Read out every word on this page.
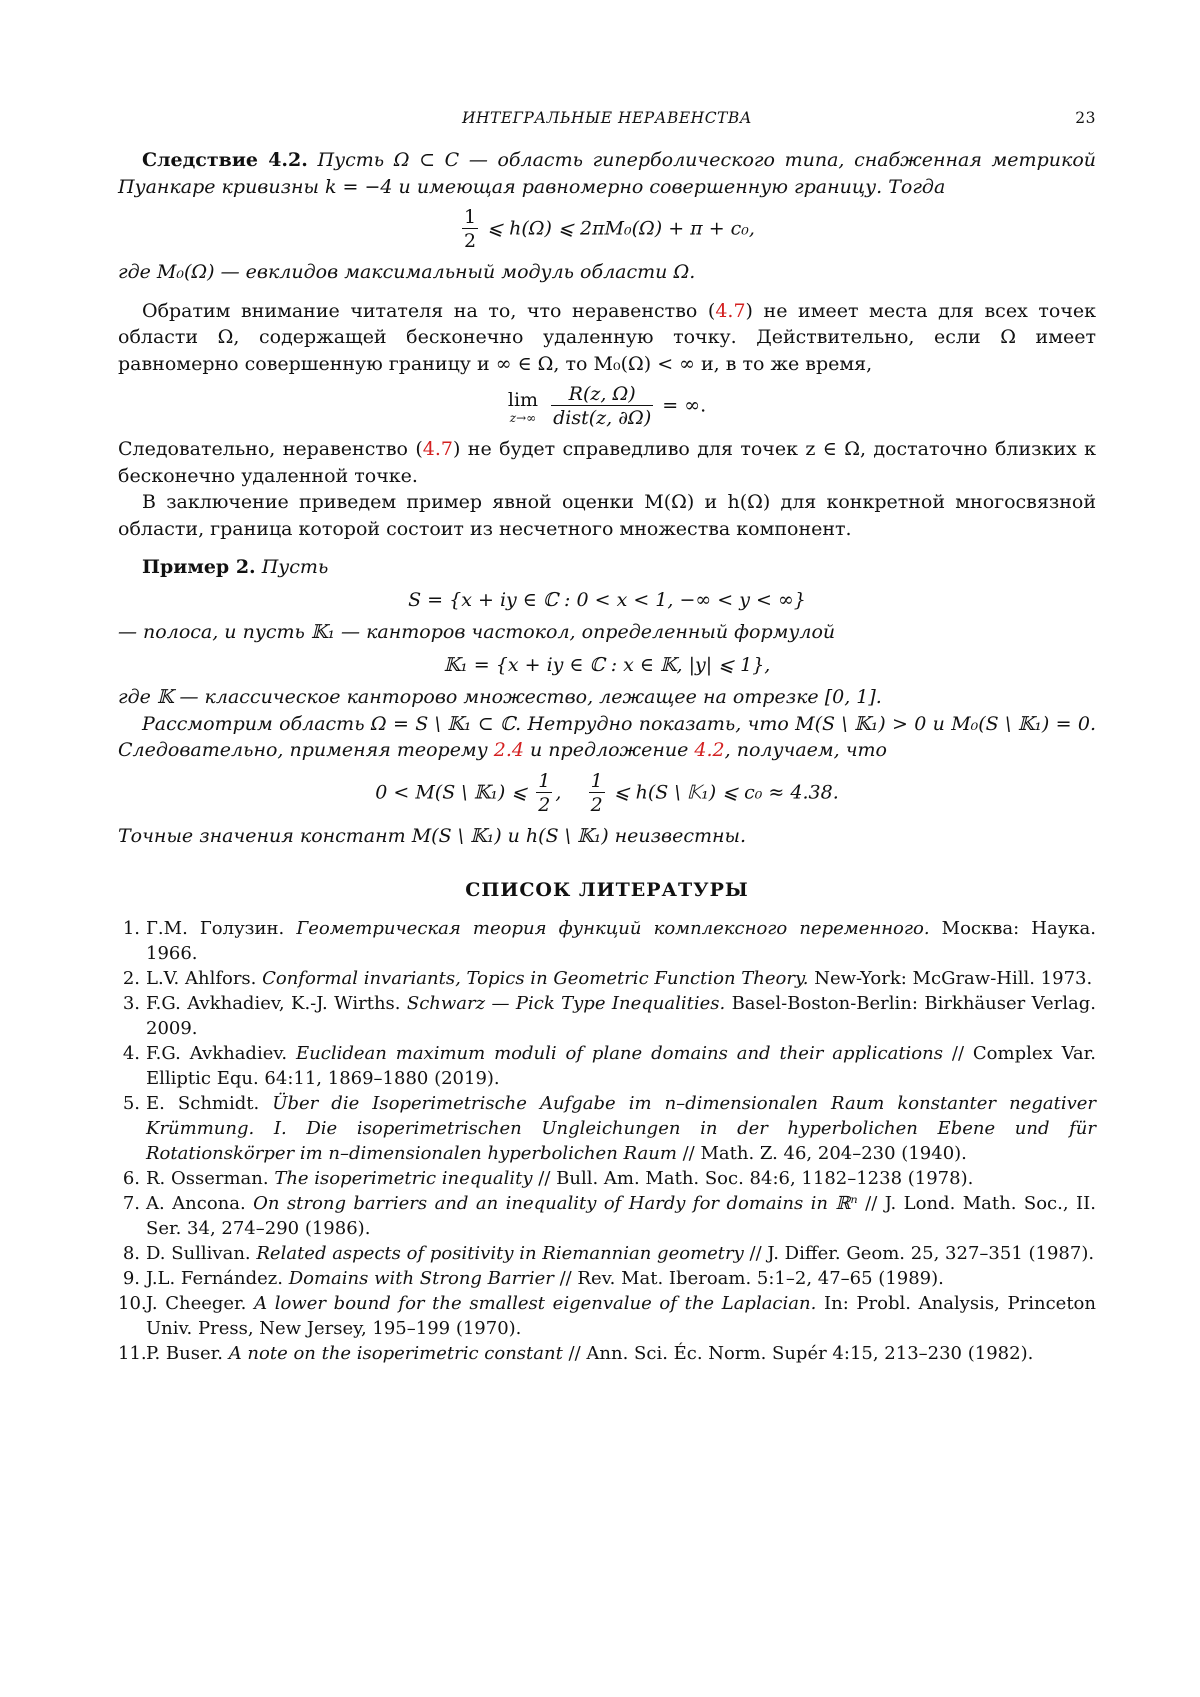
ИНТЕГРАЛЬНЫЕ НЕРАВЕНСТВА	23

Следствие 4.2. Пусть Ω ⊂ C — область гиперболического типа, снабженная метрикой Пуанкаре кривизны k = −4 и имеющая равномерно совершенную границу. Тогда

$\frac{1}{2}$ ⩽ h(Ω) ⩽ 2πM₀(Ω) + π + c₀,

где M₀(Ω) — евклидов максимальный модуль области Ω.

Обратим внимание читателя на то, что неравенство (4.7) не имеет места для всех точек области Ω, содержащей бесконечно удаленную точку. Действительно, если Ω имеет равномерно совершенную границу и ∞ ∈ Ω, то M₀(Ω) < ∞ и, в то же время,

lim
z→∞
$\frac{R(z, \Omega)}{\text{dist(z, ∂Ω)}}$ = ∞.

Следовательно, неравенство (4.7) не будет справедливо для точек z ∈ Ω, достаточно близких к бесконечно удаленной точке.

В заключение приведем пример явной оценки M(Ω) и h(Ω) для конкретной многосвязной области, граница которой состоит из несчетного множества компонент.

Пример 2. Пусть

S = {x + iy ∈ ℂ : 0 < x < 1, −∞ < y < ∞}

— полоса, и пусть 𝕂₁ — канторов частокол, определенный формулой

𝕂₁ = {x + iy ∈ ℂ : x ∈ 𝕂, |y| ⩽ 1},

где 𝕂 — классическое канторово множество, лежащее на отрезке [0, 1].

Рассмотрим область Ω = S \ 𝕂₁ ⊂ ℂ. Нетрудно показать, что M(S \ 𝕂₁) > 0 и M₀(S \ 𝕂₁) = 0. Следовательно, применяя теорему 2.4 и предложение 4.2, получаем, что

0 < M(S \ 𝕂₁) ⩽ $\frac{1}{2}$ , $\frac{1}{2}$ ⩽ h(S \ 𝕂₁) ⩽ c₀ ≈ 4.38.

Точные значения констант M(S \ 𝕂₁) и h(S \ 𝕂₁) неизвестны.

СПИСОК ЛИТЕРАТУРЫ
1. Г.М. Голузин. Геометрическая теория функций комплексного переменного. Москва: Наука. 1966.
2. L.V. Ahlfors. Conformal invariants, Topics in Geometric Function Theory. New-York: McGraw-Hill. 1973.
3. F.G. Avkhadiev, K.-J. Wirths. Schwarz — Pick Type Inequalities. Basel-Boston-Berlin: Birkhäuser Verlag. 2009.
4. F.G. Avkhadiev. Euclidean maximum moduli of plane domains and their applications // Complex Var. Elliptic Equ. 64:11, 1869–1880 (2019).
5. E. Schmidt. Über die Isoperimetrische Aufgabe im n–dimensionalen Raum konstanter negativer Krümmung. I. Die isoperimetrischen Ungleichungen in der hyperbolichen Ebene und für Rotationskörper im n–dimensionalen hyperbolichen Raum // Math. Z. 46, 204–230 (1940).
6. R. Osserman. The isoperimetric inequality // Bull. Am. Math. Soc. 84:6, 1182–1238 (1978).
7. A. Ancona. On strong barriers and an inequality of Hardy for domains in ℝⁿ // J. Lond. Math. Soc., II. Ser. 34, 274–290 (1986).
8. D. Sullivan. Related aspects of positivity in Riemannian geometry // J. Differ. Geom. 25, 327–351 (1987).
9. J.L. Fernández. Domains with Strong Barrier // Rev. Mat. Iberoam. 5:1–2, 47–65 (1989).
10. J. Cheeger. A lower bound for the smallest eigenvalue of the Laplacian. In: Probl. Analysis, Princeton Univ. Press, New Jersey, 195–199 (1970).
11. P. Buser. A note on the isoperimetric constant // Ann. Sci. Éc. Norm. Supér 4:15, 213–230 (1982).
